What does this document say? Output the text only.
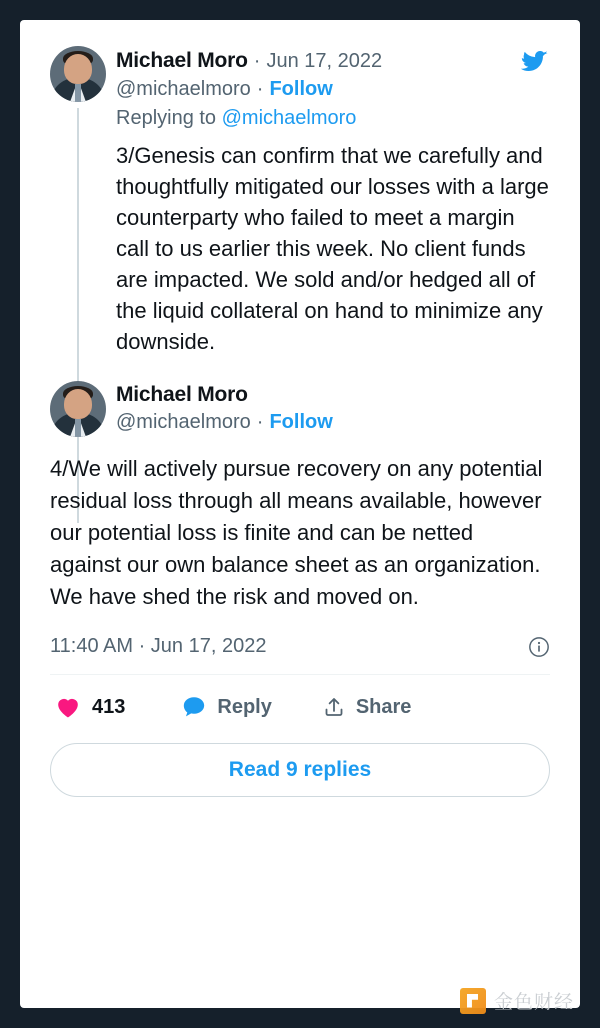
Michael Moro · Jun 17, 2022
@michaelmoro · Follow
Replying to @michaelmoro
3/Genesis can confirm that we carefully and thoughtfully mitigated our losses with a large counterparty who failed to meet a margin call to us earlier this week. No client funds are impacted. We sold and/or hedged all of the liquid collateral on hand to minimize any downside.
Michael Moro
@michaelmoro · Follow
4/We will actively pursue recovery on any potential residual loss through all means available, however our potential loss is finite and can be netted against our own balance sheet as an organization. We have shed the risk and moved on.
11:40 AM · Jun 17, 2022
413	Reply	Share
Read 9 replies
金色财经
